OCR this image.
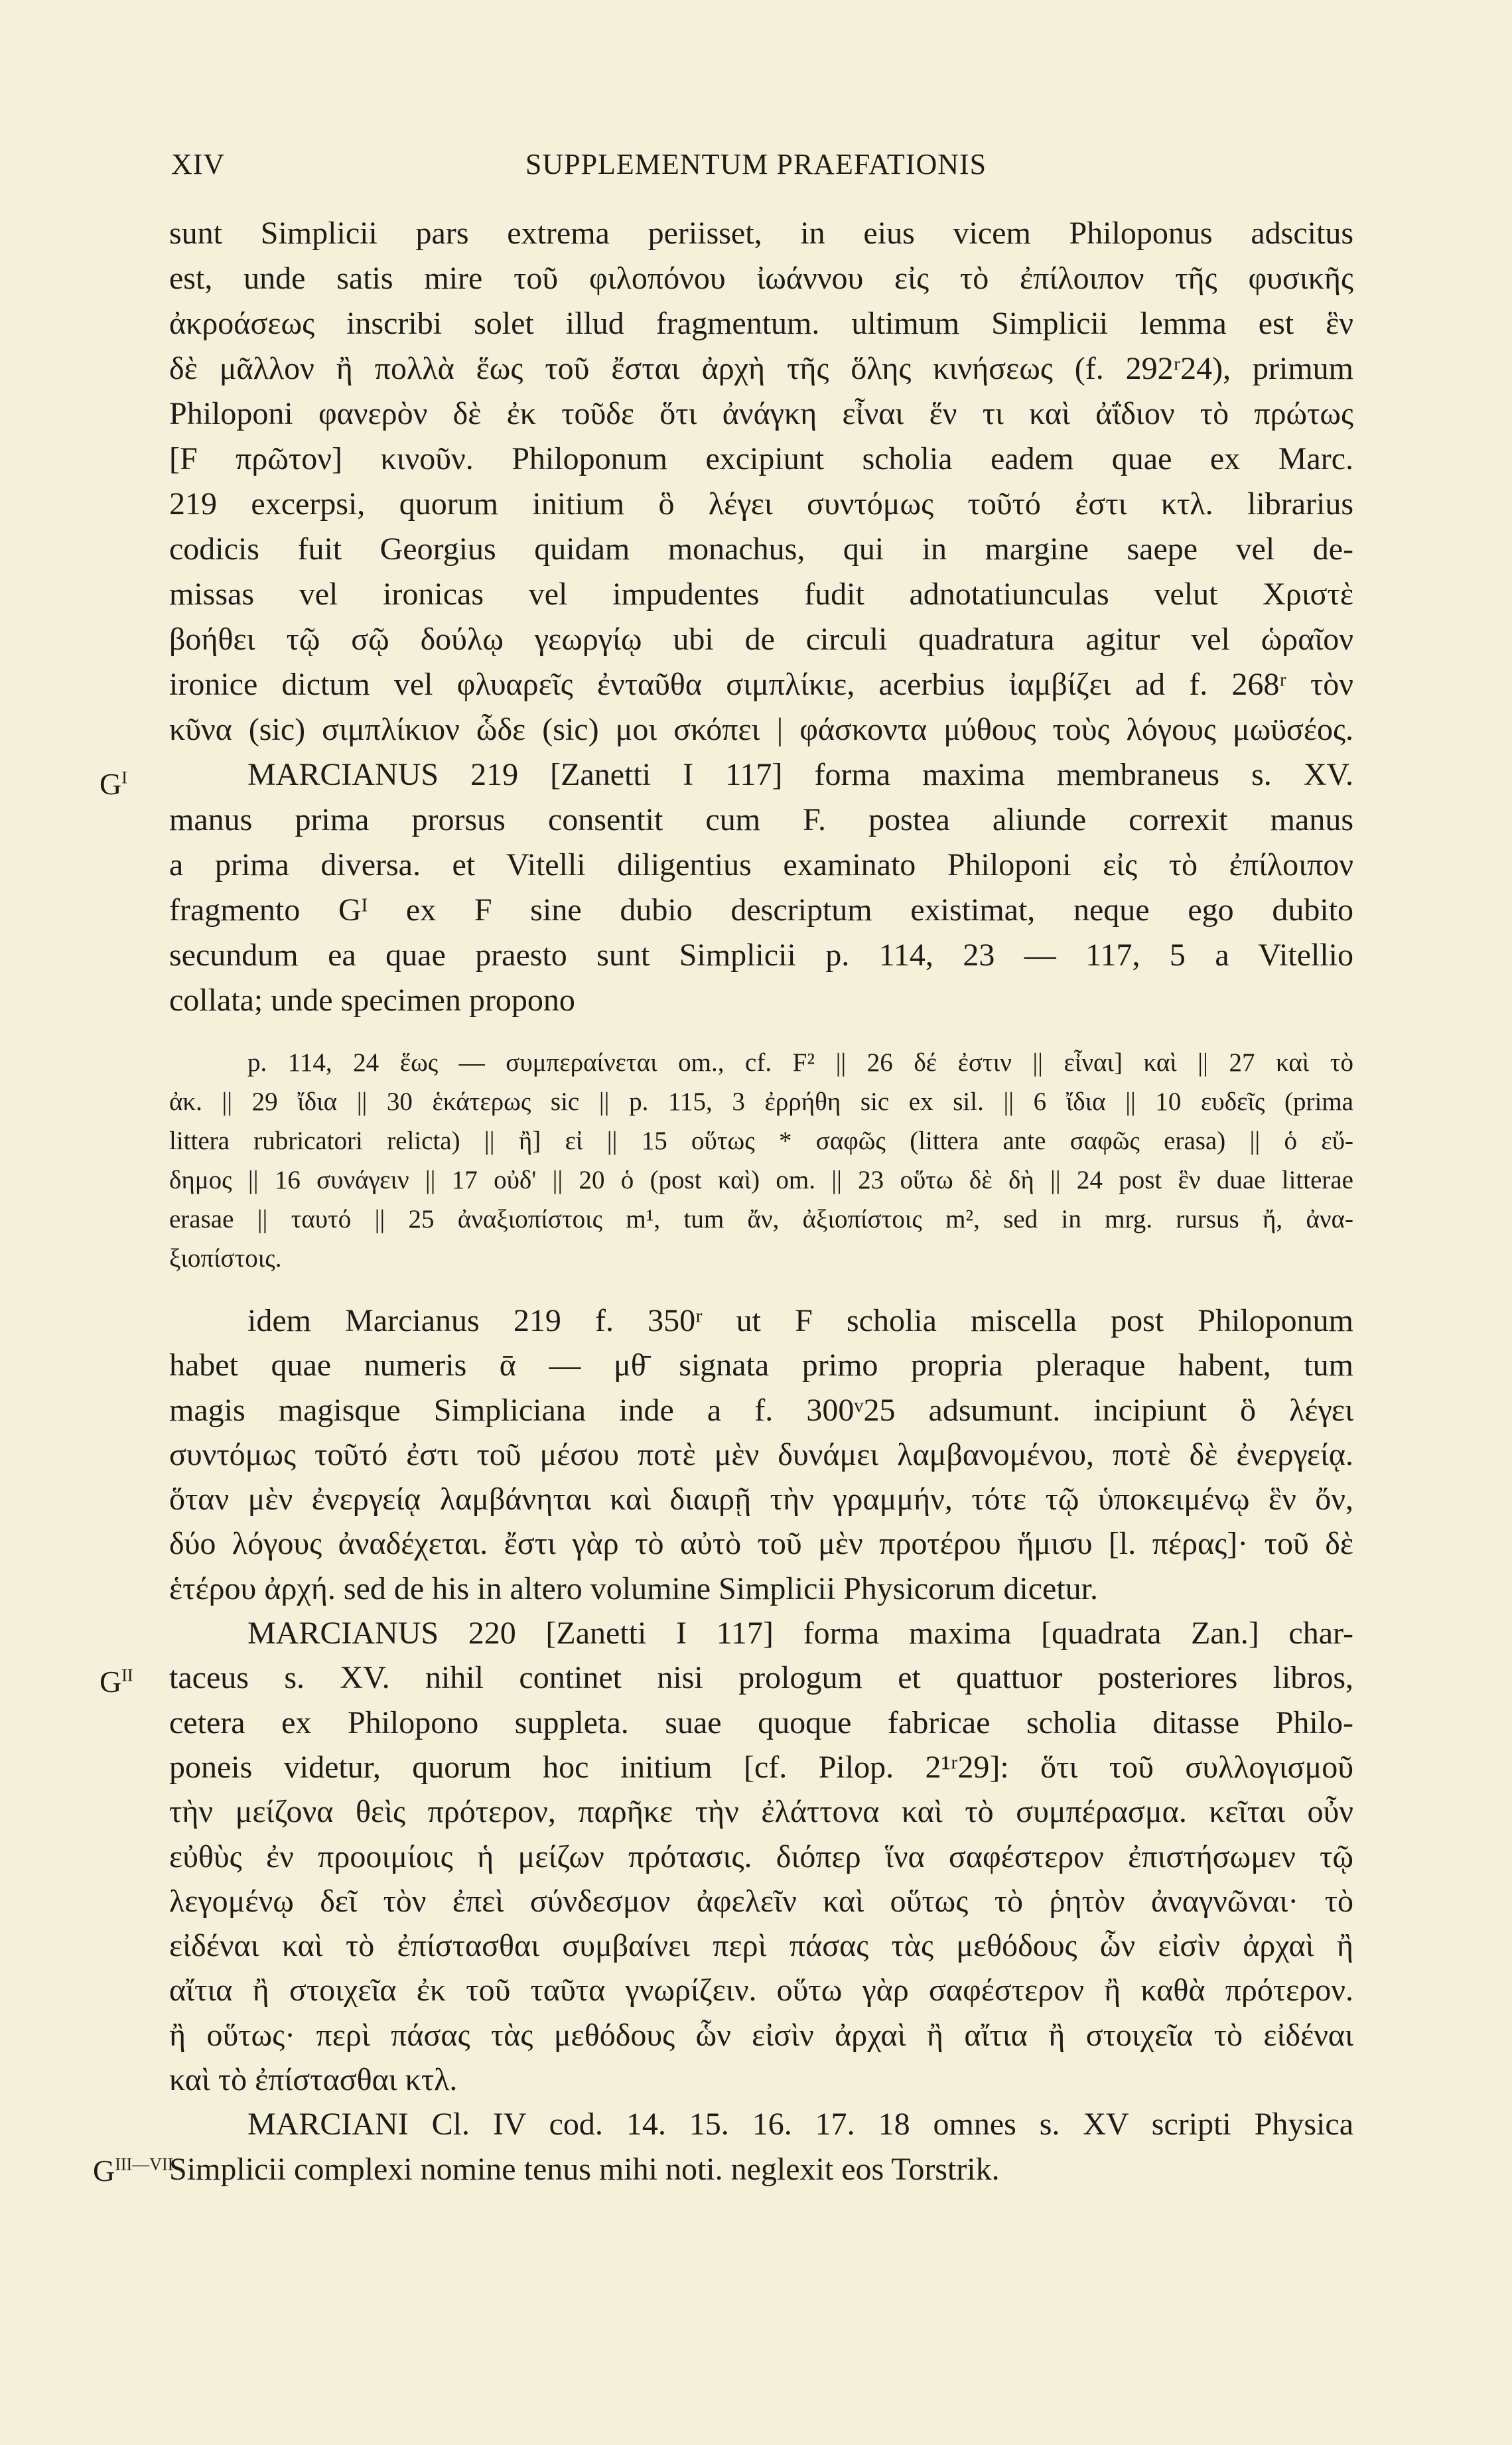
XIV	SUPPLEMENTUM PRAEFATIONIS
$G^I$
$G^{II}$
$G^{III—VII}$
sunt Simplicii pars extrema periisset, in eius vicem Philoponus adscitus
est, unde satis mire τοῦ φιλοπόνου ἰωάννου εἰς τὸ ἐπίλοιπον τῆς φυσικῆς
ἀκροάσεως inscribi solet illud fragmentum. ultimum Simplicii lemma est ἓν
δὲ μᾶλλον ἢ πολλὰ ἕως τοῦ ἔσται ἀρχὴ τῆς ὅλης κινήσεως (f. 292ʳ24), primum
Philoponi φανερὸν δὲ ἐκ τοῦδε ὅτι ἀνάγκη εἶναι ἕν τι καὶ ἀΐδιον τὸ πρώτως
[F πρῶτον] κινοῦν. Philoponum excipiunt scholia eadem quae ex Marc.
219 excerpsi, quorum initium ὃ λέγει συντόμως τοῦτό ἐστι κτλ. librarius
codicis fuit Georgius quidam monachus, qui in margine saepe vel de-
missas vel ironicas vel impudentes fudit adnotatiunculas velut Χριστὲ
βοήθει τῷ σῷ δούλῳ γεωργίῳ ubi de circuli quadratura agitur vel ὡραῖον
ironice dictum vel φλυαρεῖς ἐνταῦθα σιμπλίκιε, acerbius ἰαμβίζει ad f. 268ʳ τὸν
κῦνα (sic) σιμπλίκιον ὧδε (sic) μοι σκόπει | φάσκοντα μύθους τοὺς λόγους μωϋσέος.
MARCIANUS 219 [Zanetti I 117] forma maxima membraneus s. XV.
manus prima prorsus consentit cum F. postea aliunde correxit manus
a prima diversa. et Vitelli diligentius examinato Philoponi εἰς τὸ ἐπίλοιπον
fragmento Gᴵ ex F sine dubio descriptum existimat, neque ego dubito
secundum ea quae praesto sunt Simplicii p. 114, 23 — 117, 5 a Vitellio
collata; unde specimen propono
p. 114, 24 ἕως — συμπεραίνεται om., cf. F² || 26 δέ ἐστιν || εἶναι] καὶ || 27 καὶ τὸ
ἀκ. || 29 ἴδια || 30 ἑκάτερως sic || p. 115, 3 ἐρρήθη sic ex sil. || 6 ἴδια || 10 ευδεῖς (prima
littera rubricatori relicta) || ἢ] εἰ || 15 οὕτως * σαφῶς (littera ante σαφῶς erasa) || ὁ εὔ-
δημος || 16 συνάγειν || 17 οὐδ' || 20 ὁ (post καὶ) om. || 23 οὕτω δὲ δὴ || 24 post ἓν duae litterae
erasae || ταυτό || 25 ἀναξιοπίστοις m¹, tum ἄν, ἀξιοπίστοις m², sed in mrg. rursus ἤ, ἀνα-
ξιοπίστοις.
idem Marcianus 219 f. 350ʳ ut F scholia miscella post Philoponum
habet quae numeris ᾱ — μθ̄ signata primo propria pleraque habent, tum
magis magisque Simpliciana inde a f. 300ᵛ25 adsumunt. incipiunt ὃ λέγει
συντόμως τοῦτό ἐστι τοῦ μέσου ποτὲ μὲν δυνάμει λαμβανομένου, ποτὲ δὲ ἐνεργείᾳ.
ὅταν μὲν ἐνεργείᾳ λαμβάνηται καὶ διαιρῇ τὴν γραμμήν, τότε τῷ ὑποκειμένῳ ἓν ὄν,
δύο λόγους ἀναδέχεται. ἔστι γὰρ τὸ αὐτὸ τοῦ μὲν προτέρου ἥμισυ [l. πέρας]· τοῦ δὲ
ἑτέρου ἀρχή. sed de his in altero volumine Simplicii Physicorum dicetur.
MARCIANUS 220 [Zanetti I 117] forma maxima [quadrata Zan.] char-
taceus s. XV. nihil continet nisi prologum et quattuor posteriores libros,
cetera ex Philopono suppleta. suae quoque fabricae scholia ditasse Philo-
poneis videtur, quorum hoc initium [cf. Pilop. 2¹ʳ29]: ὅτι τοῦ συλλογισμοῦ
τὴν μείζονα θεὶς πρότερον, παρῆκε τὴν ἐλάττονα καὶ τὸ συμπέρασμα. κεῖται οὖν
εὐθὺς ἐν προοιμίοις ἡ μείζων πρότασις. διόπερ ἵνα σαφέστερον ἐπιστήσωμεν τῷ
λεγομένῳ δεῖ τὸν ἐπεὶ σύνδεσμον ἀφελεῖν καὶ οὕτως τὸ ῥητὸν ἀναγνῶναι· τὸ
εἰδέναι καὶ τὸ ἐπίστασθαι συμβαίνει περὶ πάσας τὰς μεθόδους ὧν εἰσὶν ἀρχαὶ ἢ
αἴτια ἢ στοιχεῖα ἐκ τοῦ ταῦτα γνωρίζειν. οὕτω γὰρ σαφέστερον ἢ καθὰ πρότερον.
ἢ οὕτως· περὶ πάσας τὰς μεθόδους ὧν εἰσὶν ἀρχαὶ ἢ αἴτια ἢ στοιχεῖα τὸ εἰδέναι
καὶ τὸ ἐπίστασθαι κτλ.
MARCIANI Cl. IV cod. 14. 15. 16. 17. 18 omnes s. XV scripti Physica
Simplicii complexi nomine tenus mihi noti. neglexit eos Torstrik.
